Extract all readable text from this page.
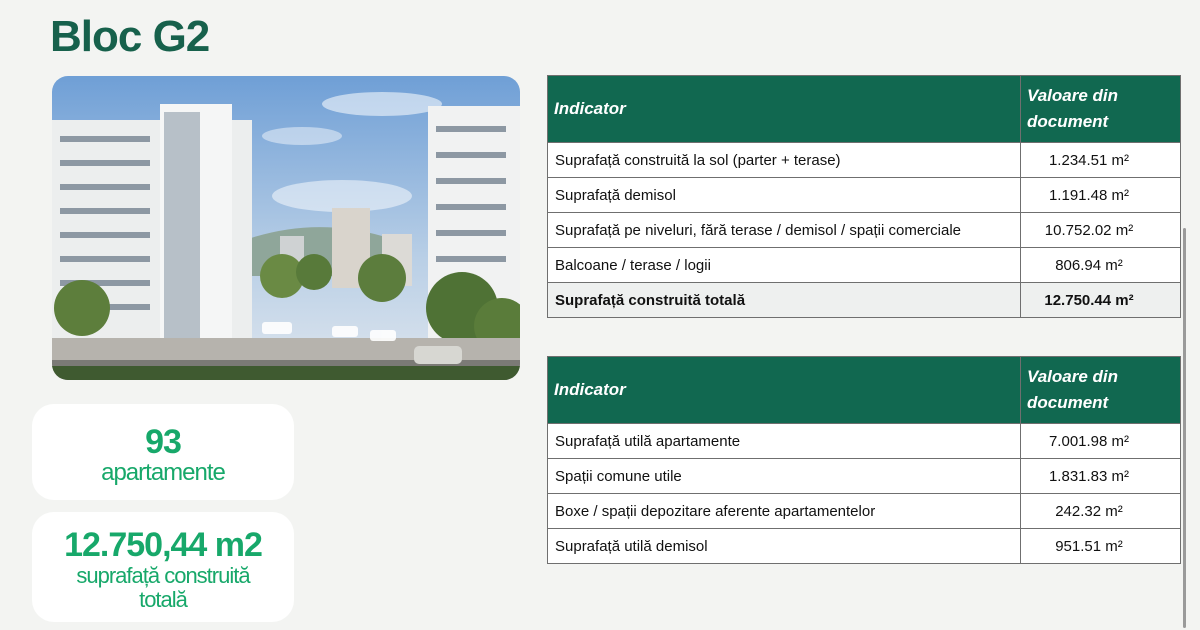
Bloc G2
93
apartamente
12.750,44 m2
suprafață construită totală
Indicator	Valoare din document
Suprafață construită la sol (parter + terase)	1.234.51 m²
Suprafață demisol	1.191.48 m²
Suprafață pe niveluri, fără terase / demisol / spații comerciale	10.752.02 m²
Balcoane / terase / logii	806.94 m²
Suprafață construită totală	12.750.44 m²
Indicator	Valoare din document
Suprafață utilă apartamente	7.001.98 m²
Spații comune utile	1.831.83 m²
Boxe / spații depozitare aferente apartamentelor	242.32 m²
Suprafață utilă demisol	951.51 m²
